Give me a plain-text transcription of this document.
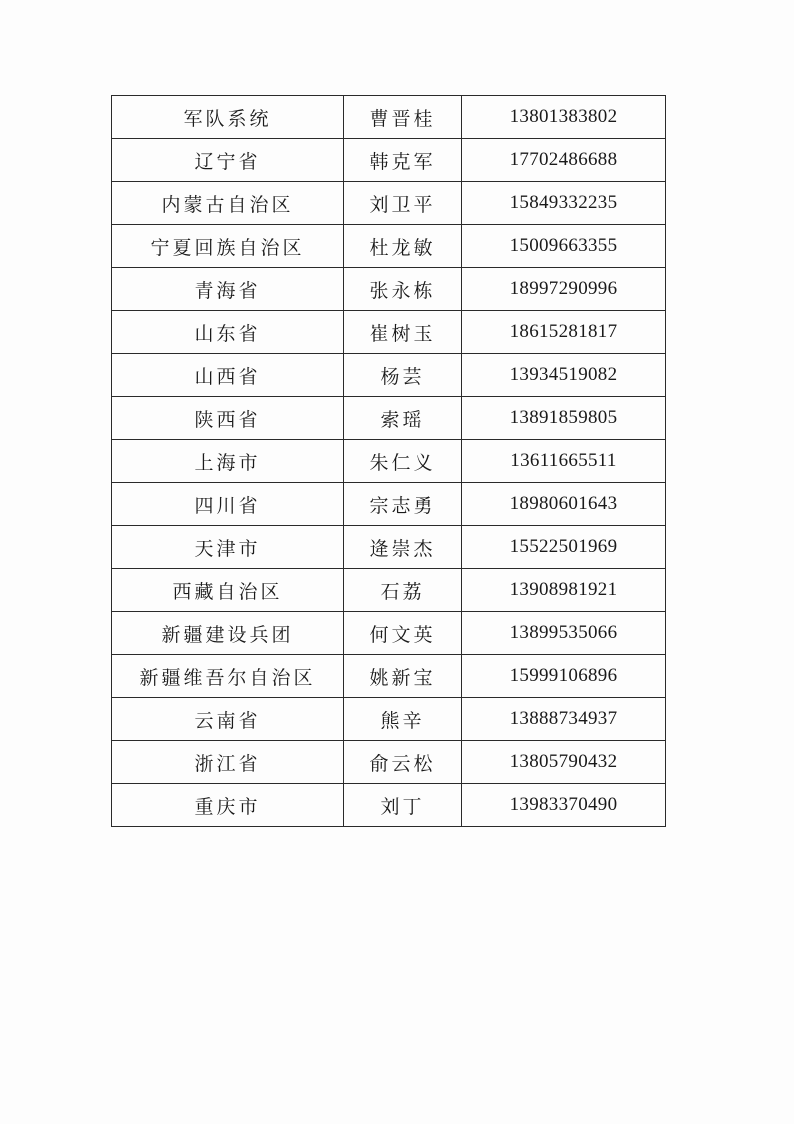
军队系统	曹晋桂	13801383802
辽宁省	韩克军	17702486688
内蒙古自治区	刘卫平	15849332235
宁夏回族自治区	杜龙敏	15009663355
青海省	张永栋	18997290996
山东省	崔树玉	18615281817
山西省	杨芸	13934519082
陕西省	索瑶	13891859805
上海市	朱仁义	13611665511
四川省	宗志勇	18980601643
天津市	逄崇杰	15522501969
西藏自治区	石荔	13908981921
新疆建设兵团	何文英	13899535066
新疆维吾尔自治区	姚新宝	15999106896
云南省	熊辛	13888734937
浙江省	俞云松	13805790432
重庆市	刘丁	13983370490
